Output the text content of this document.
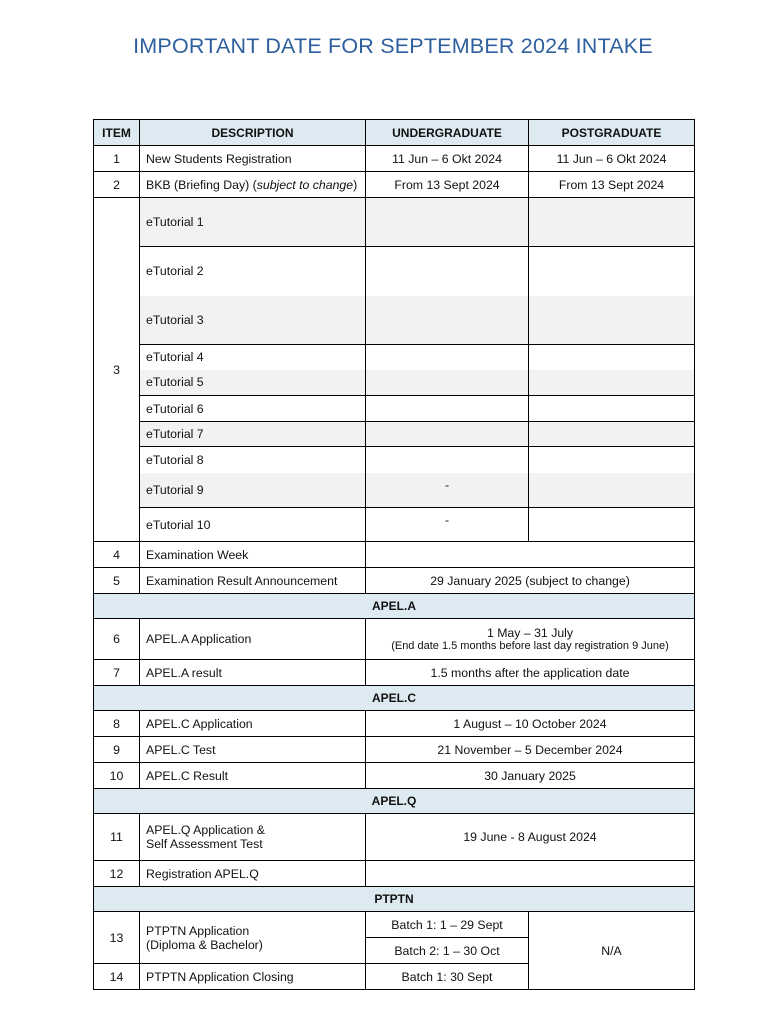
IMPORTANT DATE FOR SEPTEMBER 2024 INTAKE
ITEM	DESCRIPTION	UNDERGRADUATE	POSTGRADUATE
1	New Students Registration	11 Jun – 6 Okt 2024	11 Jun – 6 Okt 2024
2	BKB (Briefing Day) (subject to change)	From 13 Sept 2024	From 13 Sept 2024
3	eTutorial 1		
	eTutorial 2		
	eTutorial 3		
	eTutorial 4		
	eTutorial 5		
	eTutorial 6		
	eTutorial 7		
	eTutorial 8		
	eTutorial 9	-	

	eTutorial 10	-	

4	Examination Week		
5	Examination Result Announcement	29 January 2025 (subject to change)	
APEL.A			
6	APEL.A Application	1 May – 31 July
(End date 1.5 months before last day registration 9 June)	

7	APEL.A result	1.5 months after the application date	
APEL.C			
8	APEL.C Application	1 August – 10 October 2024	
9	APEL.C Test	21 November – 5 December 2024	
10	APEL.C Result	30 January 2025	
APEL.Q			
11	APEL.Q Application &
Self Assessment Test	19 June - 8 August 2024	
12	Registration APEL.Q		
PTPTN			
13	PTPTN Application
(Diploma & Bachelor)	Batch 1: 1 – 29 Sept	N/A
		Batch 2: 1 – 30 Oct	
14	PTPTN Application Closing	Batch 1: 30 Sept	
